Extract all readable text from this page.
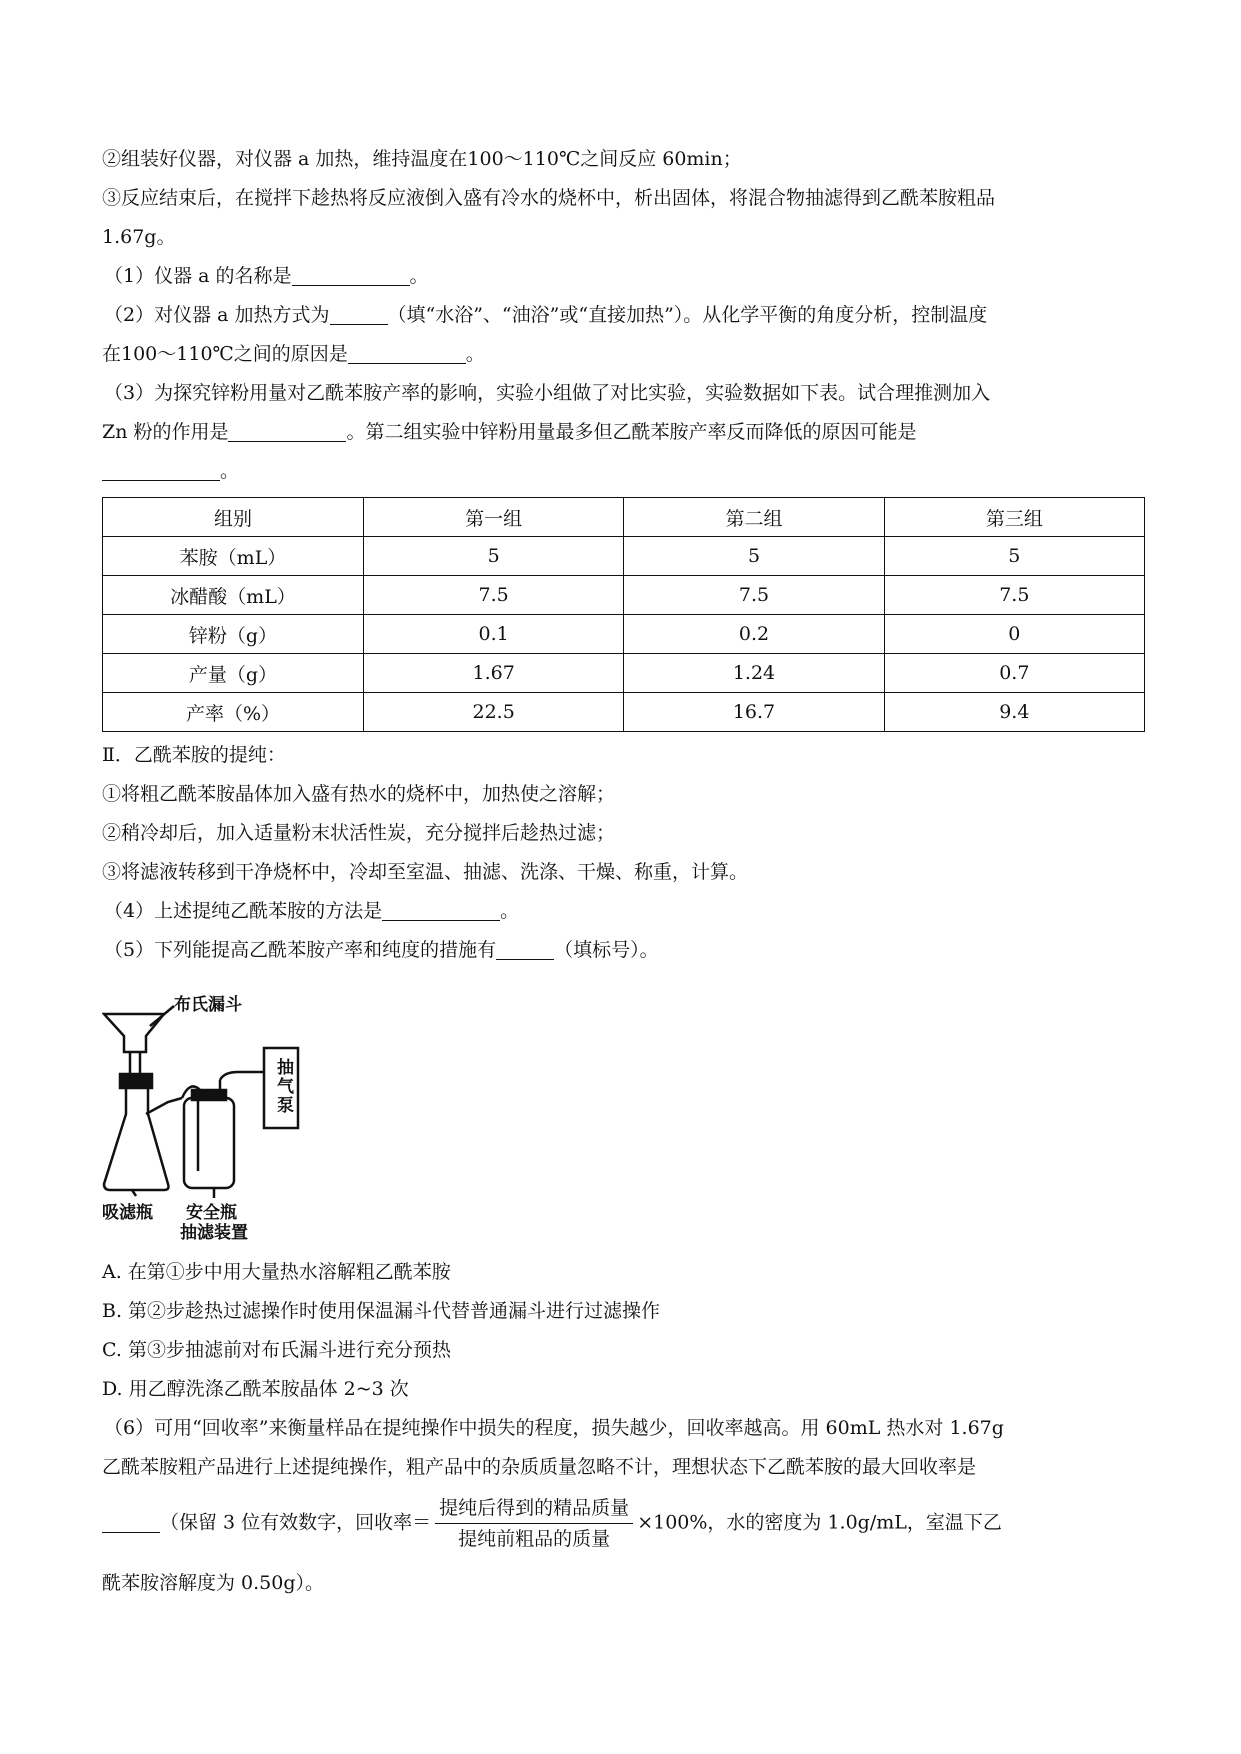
②组装好仪器，对仪器 a 加热，维持温度在100～110℃之间反应 60min；
③反应结束后，在搅拌下趁热将反应液倒入盛有冷水的烧杯中，析出固体，将混合物抽滤得到乙酰苯胺粗品
1.67g。
（1）仪器 a 的名称是	。
（2）对仪器 a 加热方式为	（填“水浴”、“油浴”或“直接加热”）。从化学平衡的角度分析，控制温度
在100～110℃之间的原因是	。
（3）为探究锌粉用量对乙酰苯胺产率的影响，实验小组做了对比实验，实验数据如下表。试合理推测加入
Zn 粉的作用是	。第二组实验中锌粉用量最多但乙酰苯胺产率反而降低的原因可能是
。
组别	第一组	第二组	第三组
苯胺（mL）	5	5	5
冰醋酸（mL）	7.5	7.5	7.5
锌粉（g）	0.1	0.2	0
产量（g）	1.67	1.24	0.7
产率（%）	22.5	16.7	9.4
Ⅱ．乙酰苯胺的提纯：
①将粗乙酰苯胺晶体加入盛有热水的烧杯中，加热使之溶解；
②稍冷却后，加入适量粉末状活性炭，充分搅拌后趁热过滤；
③将滤液转移到干净烧杯中，冷却至室温、抽滤、洗涤、干燥、称重，计算。
（4）上述提纯乙酰苯胺的方法是	。
（5）下列能提高乙酰苯胺产率和纯度的措施有	（填标号）。
布氏漏斗
抽气泵
吸滤瓶 安全瓶
抽滤装置
A. 在第①步中用大量热水溶解粗乙酰苯胺
B. 第②步趁热过滤操作时使用保温漏斗代替普通漏斗进行过滤操作
C. 第③步抽滤前对布氏漏斗进行充分预热
D. 用乙醇洗涤乙酰苯胺晶体 2~3 次
（6）可用“回收率”来衡量样品在提纯操作中损失的程度，损失越少，回收率越高。用 60mL 热水对 1.67g
乙酰苯胺粗产品进行上述提纯操作，粗产品中的杂质质量忽略不计，理想状态下乙酰苯胺的最大回收率是
（保留 3 位有效数字，回收率＝ $\frac{\text{提纯后得到的精品质量}}{\text{提纯前粗品的质量}} \times 100\%$，水的密度为 1.0g/mL，室温下乙
酰苯胺溶解度为 0.50g）。
